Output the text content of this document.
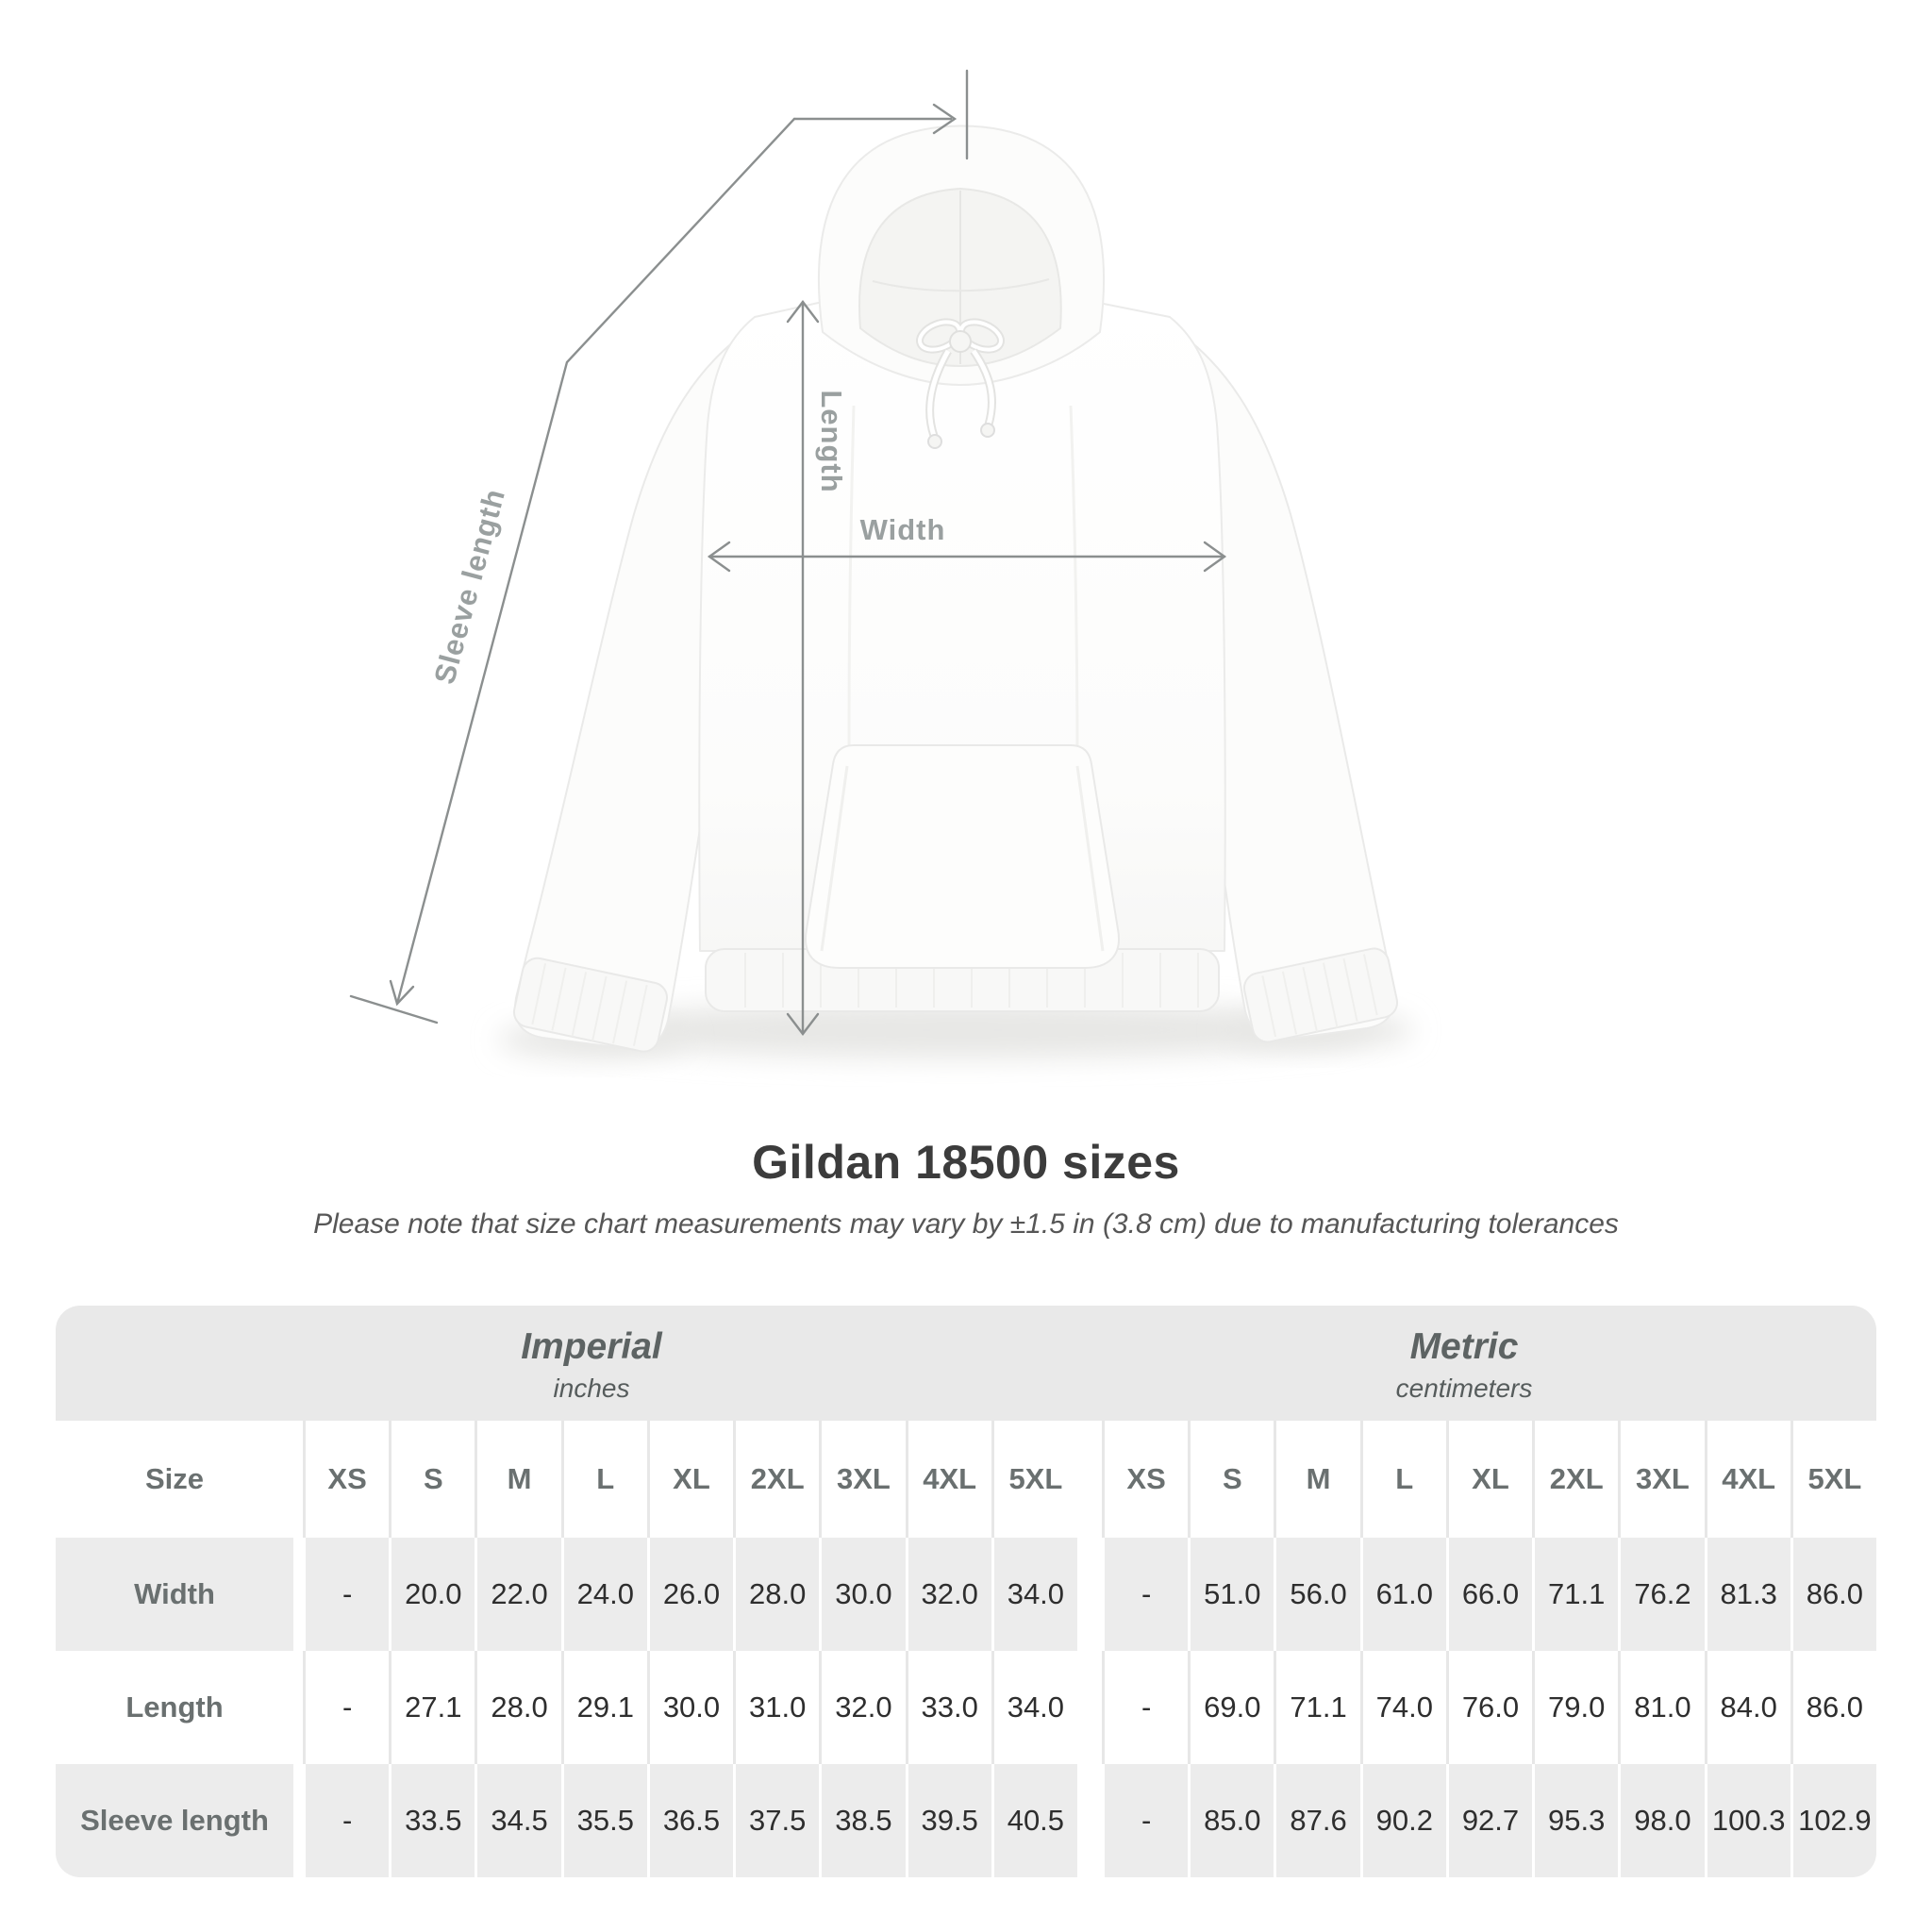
Length
Width
Sleeve length
Gildan 18500 sizes
Please note that size chart measurements may vary by ±1.5 in (3.8 cm) due to manufacturing tolerances
Imperial
inches
Metric
centimeters
Size	XS	S	M	L	XL	2XL	3XL	4XL	5XL	XS	S	M	L	XL	2XL	3XL	4XL	5XL
Width	-	20.0 22.0 24.0 26.0 28.0 30.0 32.0 34.0	-	51.0 56.0 61.0 66.0 71.1 76.2 81.3 86.0
Length	-	27.1 28.0 29.1 30.0 31.0 32.0 33.0 34.0	-	69.0 71.1 74.0 76.0 79.0 81.0 84.0 86.0
Sleeve length	-	33.5 34.5 35.5 36.5 37.5 38.5 39.5 40.5	-	85.0 87.6 90.2 92.7 95.3 98.0 100.3 102.9
